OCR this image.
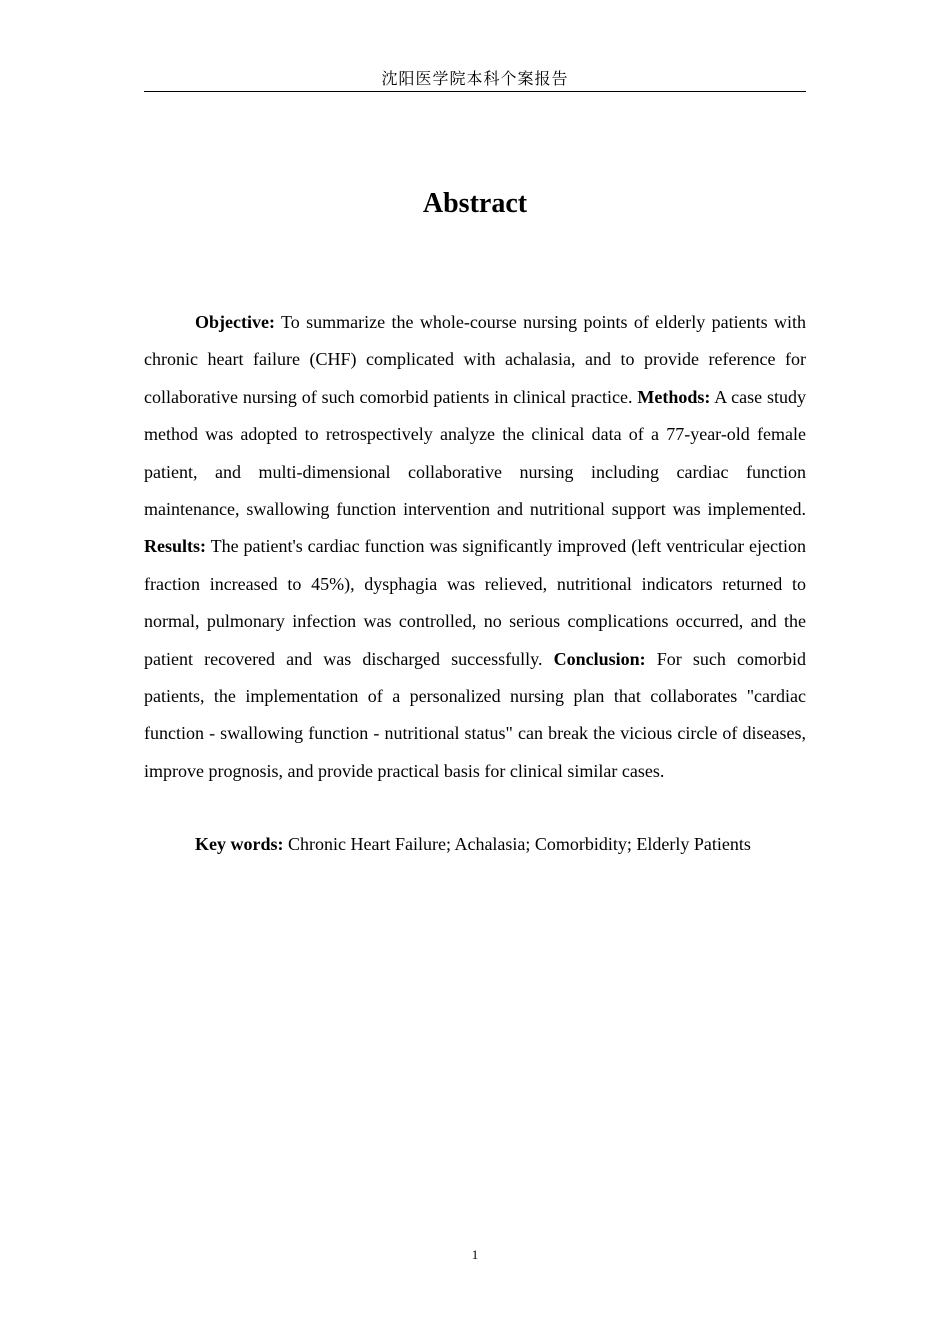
沈阳医学院本科个案报告
Abstract

Objective: To summarize the whole-course nursing points of elderly patients with chronic heart failure (CHF) complicated with achalasia, and to provide reference for collaborative nursing of such comorbid patients in clinical practice. Methods: A case study method was adopted to retrospectively analyze the clinical data of a 77-year-old female patient, and multi-dimensional collaborative nursing including cardiac function maintenance, swallowing function intervention and nutritional support was implemented. Results: The patient's cardiac function was significantly improved (left ventricular ejection fraction increased to 45%), dysphagia was relieved, nutritional indicators returned to normal, pulmonary infection was controlled, no serious complications occurred, and the patient recovered and was discharged successfully. Conclusion: For such comorbid patients, the implementation of a personalized nursing plan that collaborates "cardiac function - swallowing function - nutritional status" can break the vicious circle of diseases, improve prognosis, and provide practical basis for clinical similar cases.

Key words: Chronic Heart Failure; Achalasia; Comorbidity; Elderly Patients

1
